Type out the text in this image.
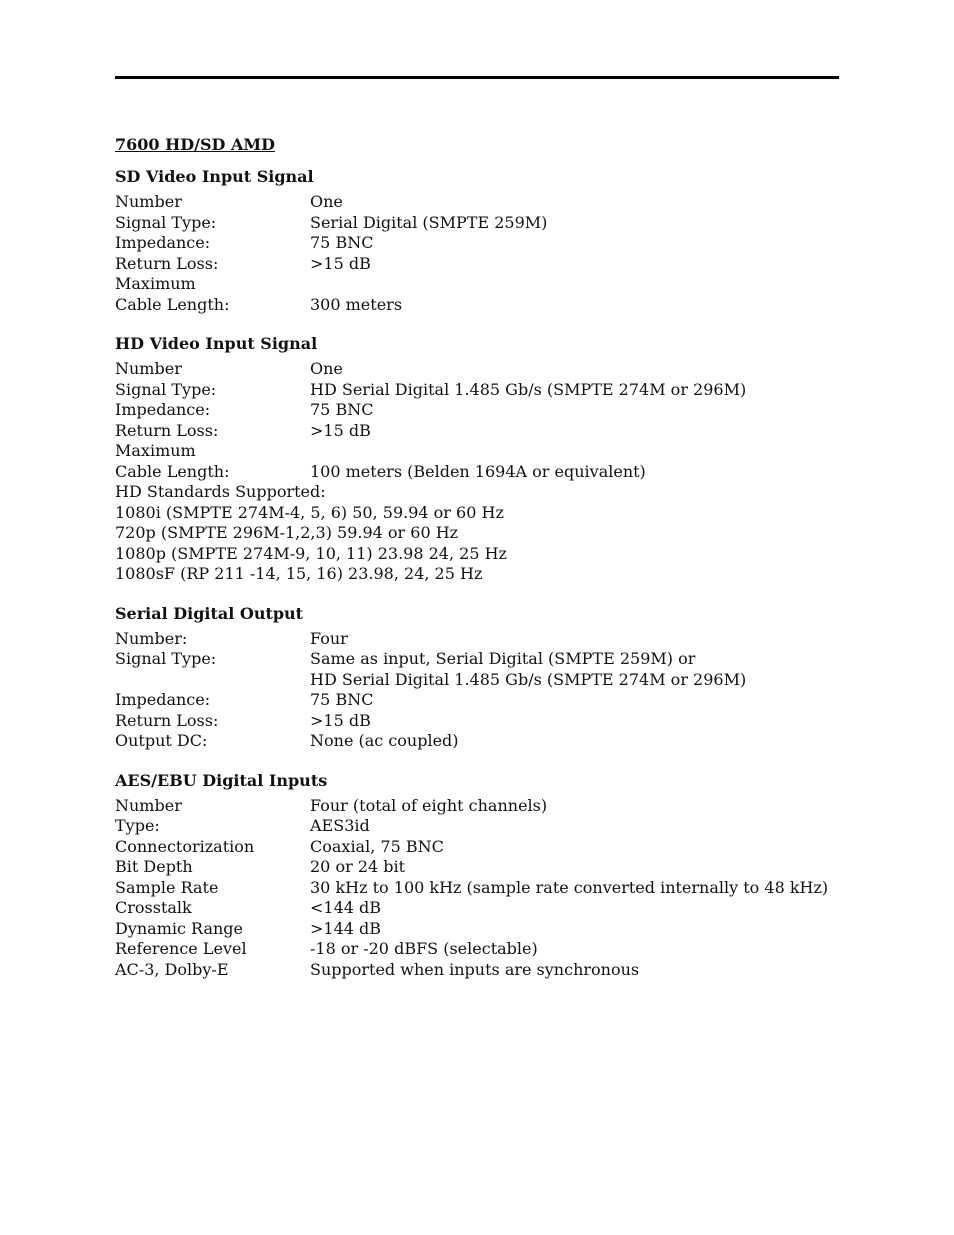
7600 HD/SD AMD
SD Video Input Signal
Number	One
Signal Type:	Serial Digital (SMPTE 259M)
Impedance:	75 BNC
Return Loss:	>15 dB
Maximum
Cable Length:	300 meters
HD Video Input Signal
Number	One
Signal Type:	HD Serial Digital 1.485 Gb/s (SMPTE 274M or 296M)
Impedance:	75 BNC
Return Loss:	>15 dB
Maximum
Cable Length:	100 meters (Belden 1694A or equivalent)
HD Standards Supported:
1080i (SMPTE 274M-4, 5, 6) 50, 59.94 or 60 Hz
720p (SMPTE 296M-1,2,3) 59.94 or 60 Hz
1080p (SMPTE 274M-9, 10, 11) 23.98 24, 25 Hz
1080sF (RP 211 -14, 15, 16) 23.98, 24, 25 Hz
Serial Digital Output
Number:	Four
Signal Type:	Same as input, Serial Digital (SMPTE 259M) or
HD Serial Digital 1.485 Gb/s (SMPTE 274M or 296M)
Impedance:	75 BNC
Return Loss:	>15 dB
Output DC:	None (ac coupled)
AES/EBU Digital Inputs
Number	Four (total of eight channels)
Type:	AES3id
Connectorization	Coaxial, 75 BNC
Bit Depth	20 or 24 bit
Sample Rate	30 kHz to 100 kHz (sample rate converted internally to 48 kHz)
Crosstalk	<144 dB
Dynamic Range	>144 dB
Reference Level	-18 or -20 dBFS (selectable)
AC-3, Dolby-E	Supported when inputs are synchronous
